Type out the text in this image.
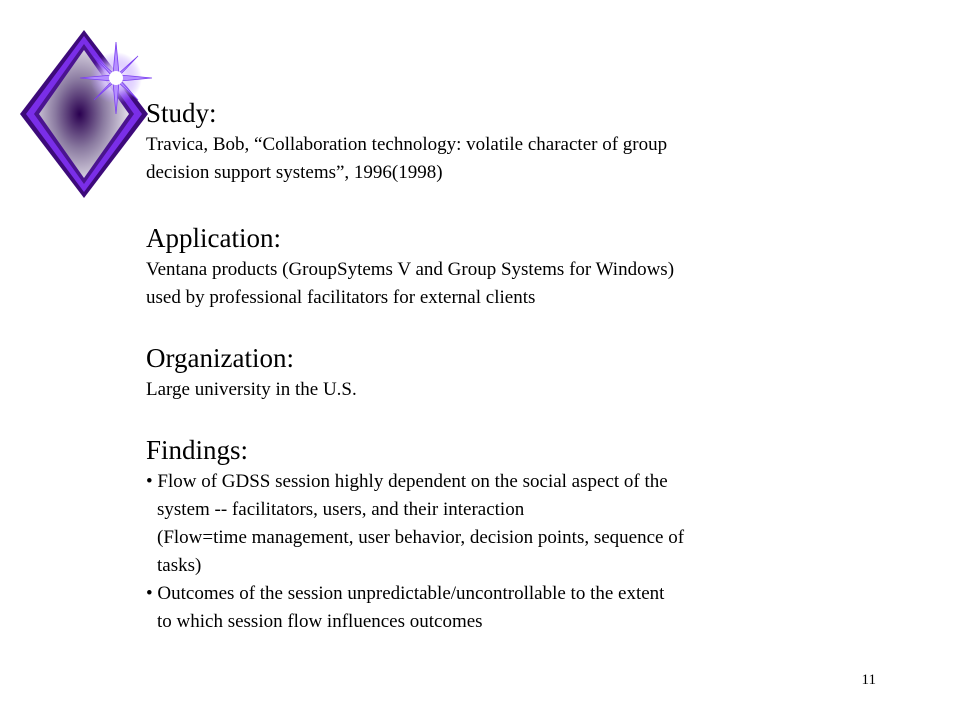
Study:

Travica, Bob, “Collaboration technology: volatile character of group

decision support systems”, 1996(1998)

Application:

Ventana products (GroupSytems V and Group Systems for Windows)

used by professional facilitators for external clients

Organization:

Large university in the U.S.

Findings:

• Flow of GDSS session highly dependent on the social aspect of the

system -- facilitators, users, and their interaction

(Flow=time management, user behavior, decision points, sequence of

tasks)

• Outcomes of the session unpredictable/uncontrollable to the extent

to which session flow influences outcomes

11
